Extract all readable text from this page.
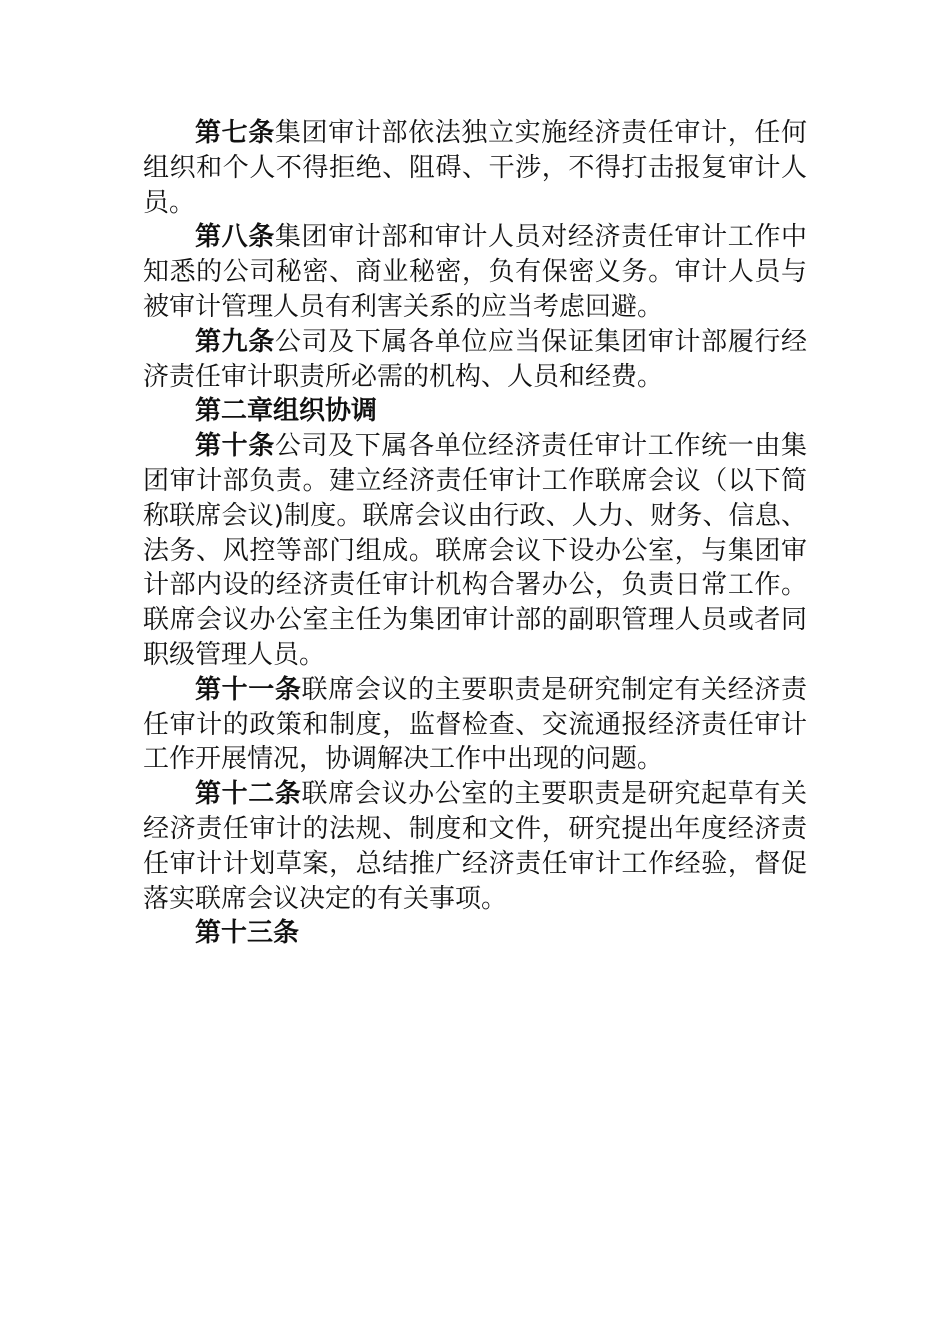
第七条集团审计部依法独立实施经济责任审计，任何组织和个人不得拒绝、阻碍、干涉，不得打击报复审计人员。

第八条集团审计部和审计人员对经济责任审计工作中知悉的公司秘密、商业秘密，负有保密义务。审计人员与被审计管理人员有利害关系的应当考虑回避。

第九条公司及下属各单位应当保证集团审计部履行经济责任审计职责所必需的机构、人员和经费。

第二章组织协调

第十条公司及下属各单位经济责任审计工作统一由集团审计部负责。建立经济责任审计工作联席会议（以下简称联席会议)制度。联席会议由行政、人力、财务、信息、法务、风控等部门组成。联席会议下设办公室，与集团审计部内设的经济责任审计机构合署办公，负责日常工作。联席会议办公室主任为集团审计部的副职管理人员或者同职级管理人员。

第十一条联席会议的主要职责是研究制定有关经济责任审计的政策和制度，监督检查、交流通报经济责任审计工作开展情况，协调解决工作中出现的问题。

第十二条联席会议办公室的主要职责是研究起草有关经济责任审计的法规、制度和文件，研究提出年度经济责任审计计划草案，总结推广经济责任审计工作经验，督促落实联席会议决定的有关事项。

第十三条
